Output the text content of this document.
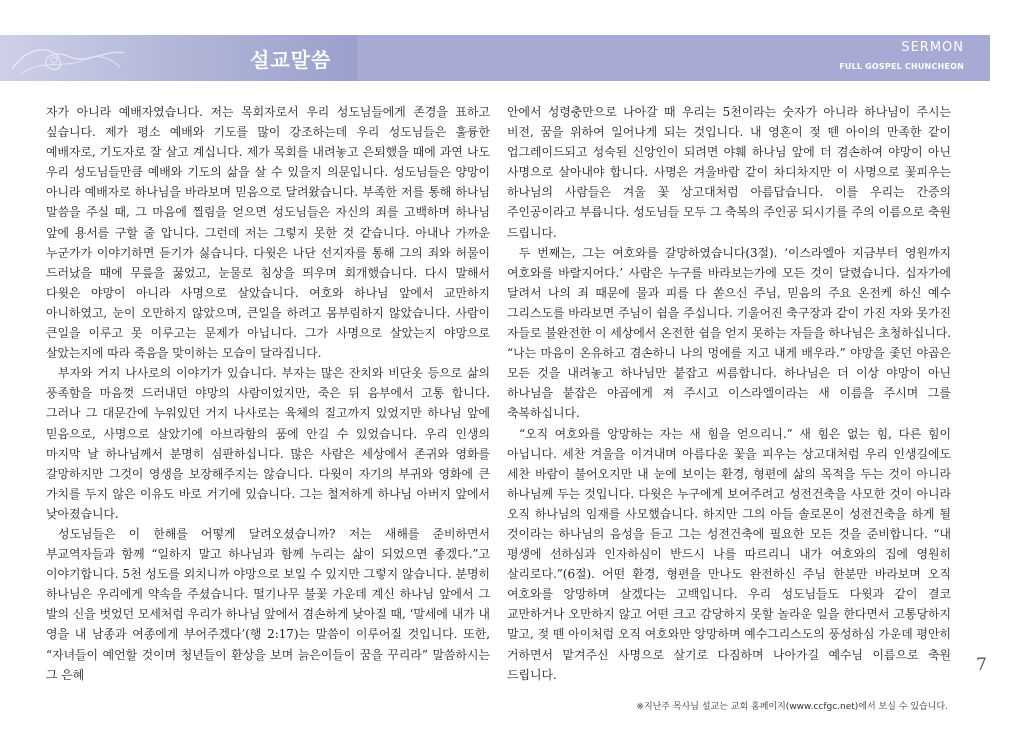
설교말씀
SERMON
FULL GOSPEL CHUNCHEON

자가 아니라 예배자였습니다. 저는 목회자로서 우리 성도님들에게 존경을 표하고 싶습니다. 제가 평소 예배와 기도를 많이 강조하는데 우리 성도님들은 훌륭한 예배자로, 기도자로 잘 살고 계십니다. 제가 목회를 내려놓고 은퇴했을 때에 과연 나도 우리 성도님들만큼 예배와 기도의 삶을 살 수 있을지 의문입니다. 성도님들은 양망이 아니라 예배자로 하나님을 바라보며 믿음으로 달려왔습니다. 부족한 저를 통해 하나님 말씀을 주실 때, 그 마음에 찔림을 얻으면 성도님들은 자신의 죄를 고백하며 하나님 앞에 용서를 구할 줄 압니다. 그런데 저는 그렇지 못한 것 같습니다. 아내나 가까운 누군가가 이야기하면 듣기가 싫습니다. 다윗은 나단 선지자를 통해 그의 죄와 허물이 드러났을 때에 무릎을 꿇었고, 눈물로 침상을 띄우며 회개했습니다. 다시 말해서 다윗은 야망이 아니라 사명으로 살았습니다. 여호와 하나님 앞에서 교만하지 아니하였고, 눈이 오만하지 않았으며, 큰일을 하려고 몸부림하지 않았습니다. 사람이 큰일을 이루고 못 이루고는 문제가 아닙니다. 그가 사명으로 살았는지 야망으로 살았는지에 따라 죽음을 맞이하는 모습이 달라집니다.

부자와 거지 나사로의 이야기가 있습니다. 부자는 많은 잔치와 비단옷 등으로 삶의 풍족함을 마음껏 드러내던 야망의 사람이었지만, 죽은 뒤 음부에서 고통 합니다. 그러나 그 대문간에 누워있던 거지 나사로는 육체의 질고까지 있었지만 하나님 앞에 믿음으로, 사명으로 살았기에 아브라함의 품에 안길 수 있었습니다. 우리 인생의 마지막 날 하나님께서 분명히 심판하십니다. 많은 사람은 세상에서 존귀와 영화를 갈망하지만 그것이 영생을 보장해주지는 않습니다. 다윗이 자기의 부귀와 영화에 큰 가치를 두지 않은 이유도 바로 거기에 있습니다. 그는 철저하게 하나님 아버지 앞에서 낮아졌습니다.

성도님들은 이 한해를 어떻게 달려오셨습니까? 저는 새해를 준비하면서 부교역자들과 함께 “일하지 말고 하나님과 함께 누리는 삶이 되었으면 좋겠다.”고 이야기합니다. 5천 성도를 외치니까 야망으로 보일 수 있지만 그렇지 않습니다. 분명히 하나님은 우리에게 약속을 주셨습니다. 떨기나무 불꽃 가운데 계신 하나님 앞에서 그 발의 신을 벗었던 모세처럼 우리가 하나님 앞에서 겸손하게 낮아질 때, ‘말세에 내가 내 영을 내 남종과 여종에게 부어주겠다’(행 2:17)는 말씀이 이루어질 것입니다. 또한, “자녀들이 예언할 것이며 청년들이 환상을 보며 늙은이들이 꿈을 꾸리라” 말씀하시는 그 은혜

안에서 성령충만으로 나아갈 때 우리는 5천이라는 숫자가 아니라 하나님이 주시는 비전, 꿈을 위하여 일어나게 되는 것입니다. 내 영혼이 젖 뗀 아이의 만족한 같이 업그레이드되고 성숙된 신앙인이 되려면 야훼 하나님 앞에 더 겸손하여 야망이 아닌 사명으로 살아내야 합니다. 사명은 겨울바람 같이 차디차지만 이 사명으로 꽃피우는 하나님의 사람들은 겨울 꽃 상고대처럼 아름답습니다. 이를 우리는 간증의 주인공이라고 부릅니다. 성도님들 모두 그 축복의 주인공 되시기를 주의 이름으로 축원 드립니다.

두 번째는, 그는 여호와를 갈망하였습니다(3절). ‘이스라엘아 지금부터 영원까지 여호와를 바랄지어다.’ 사람은 누구를 바라보는가에 모든 것이 달렸습니다. 십자가에 달려서 나의 죄 때문에 물과 피를 다 쏟으신 주님, 믿음의 주요 온전케 하신 예수 그리스도를 바라보면 주님이 쉼을 주십니다. 기울어진 축구장과 같이 가진 자와 못가진 자들로 불완전한 이 세상에서 온전한 쉼을 얻지 못하는 자들을 하나님은 초청하십니다. “나는 마음이 온유하고 겸손하니 나의 멍에를 지고 내게 배우라.” 야망을 좇던 야곱은 모든 것을 내려놓고 하나님만 붙잡고 씨름합니다. 하나님은 더 이상 야망이 아닌 하나님을 붙잡은 야곱에게 져 주시고 이스라엘이라는 새 이름을 주시며 그를 축복하십니다.

“오직 여호와를 앙망하는 자는 새 힘을 얻으리니.” 새 힘은 없는 힘, 다른 힘이 아닙니다. 세찬 겨울을 이겨내며 아름다운 꽃을 피우는 상고대처럼 우리 인생길에도 세찬 바람이 불어오지만 내 눈에 보이는 환경, 형편에 삶의 목적을 두는 것이 아니라 하나님께 두는 것입니다. 다윗은 누구에게 보여주려고 성전건축을 사모한 것이 아니라 오직 하나님의 임재를 사모했습니다. 하지만 그의 아들 솔로몬이 성전건축을 하게 될 것이라는 하나님의 음성을 듣고 그는 성전건축에 필요한 모든 것을 준비합니다. “내 평생에 선하심과 인자하심이 반드시 나를 따르리니 내가 여호와의 집에 영원히 살리로다.”(6절). 어떤 환경, 형편을 만나도 완전하신 주님 한분만 바라보며 오직 여호와를 앙망하며 살겠다는 고백입니다. 우리 성도님들도 다윗과 같이 결코 교만하거나 오만하지 않고 어떤 크고 감당하지 못할 놀라운 일을 한다면서 고통당하지 말고, 젖 뗀 아이처럼 오직 여호와만 앙망하며 예수그리스도의 풍성하심 가운데 평안히 거하면서 맡겨주신 사명으로 살기로 다짐하며 나아가길 예수님 이름으로 축원 드립니다.	7
※지난주 목사님 설교는 교회 홈페이지(www.ccfgc.net)에서 보실 수 있습니다.
